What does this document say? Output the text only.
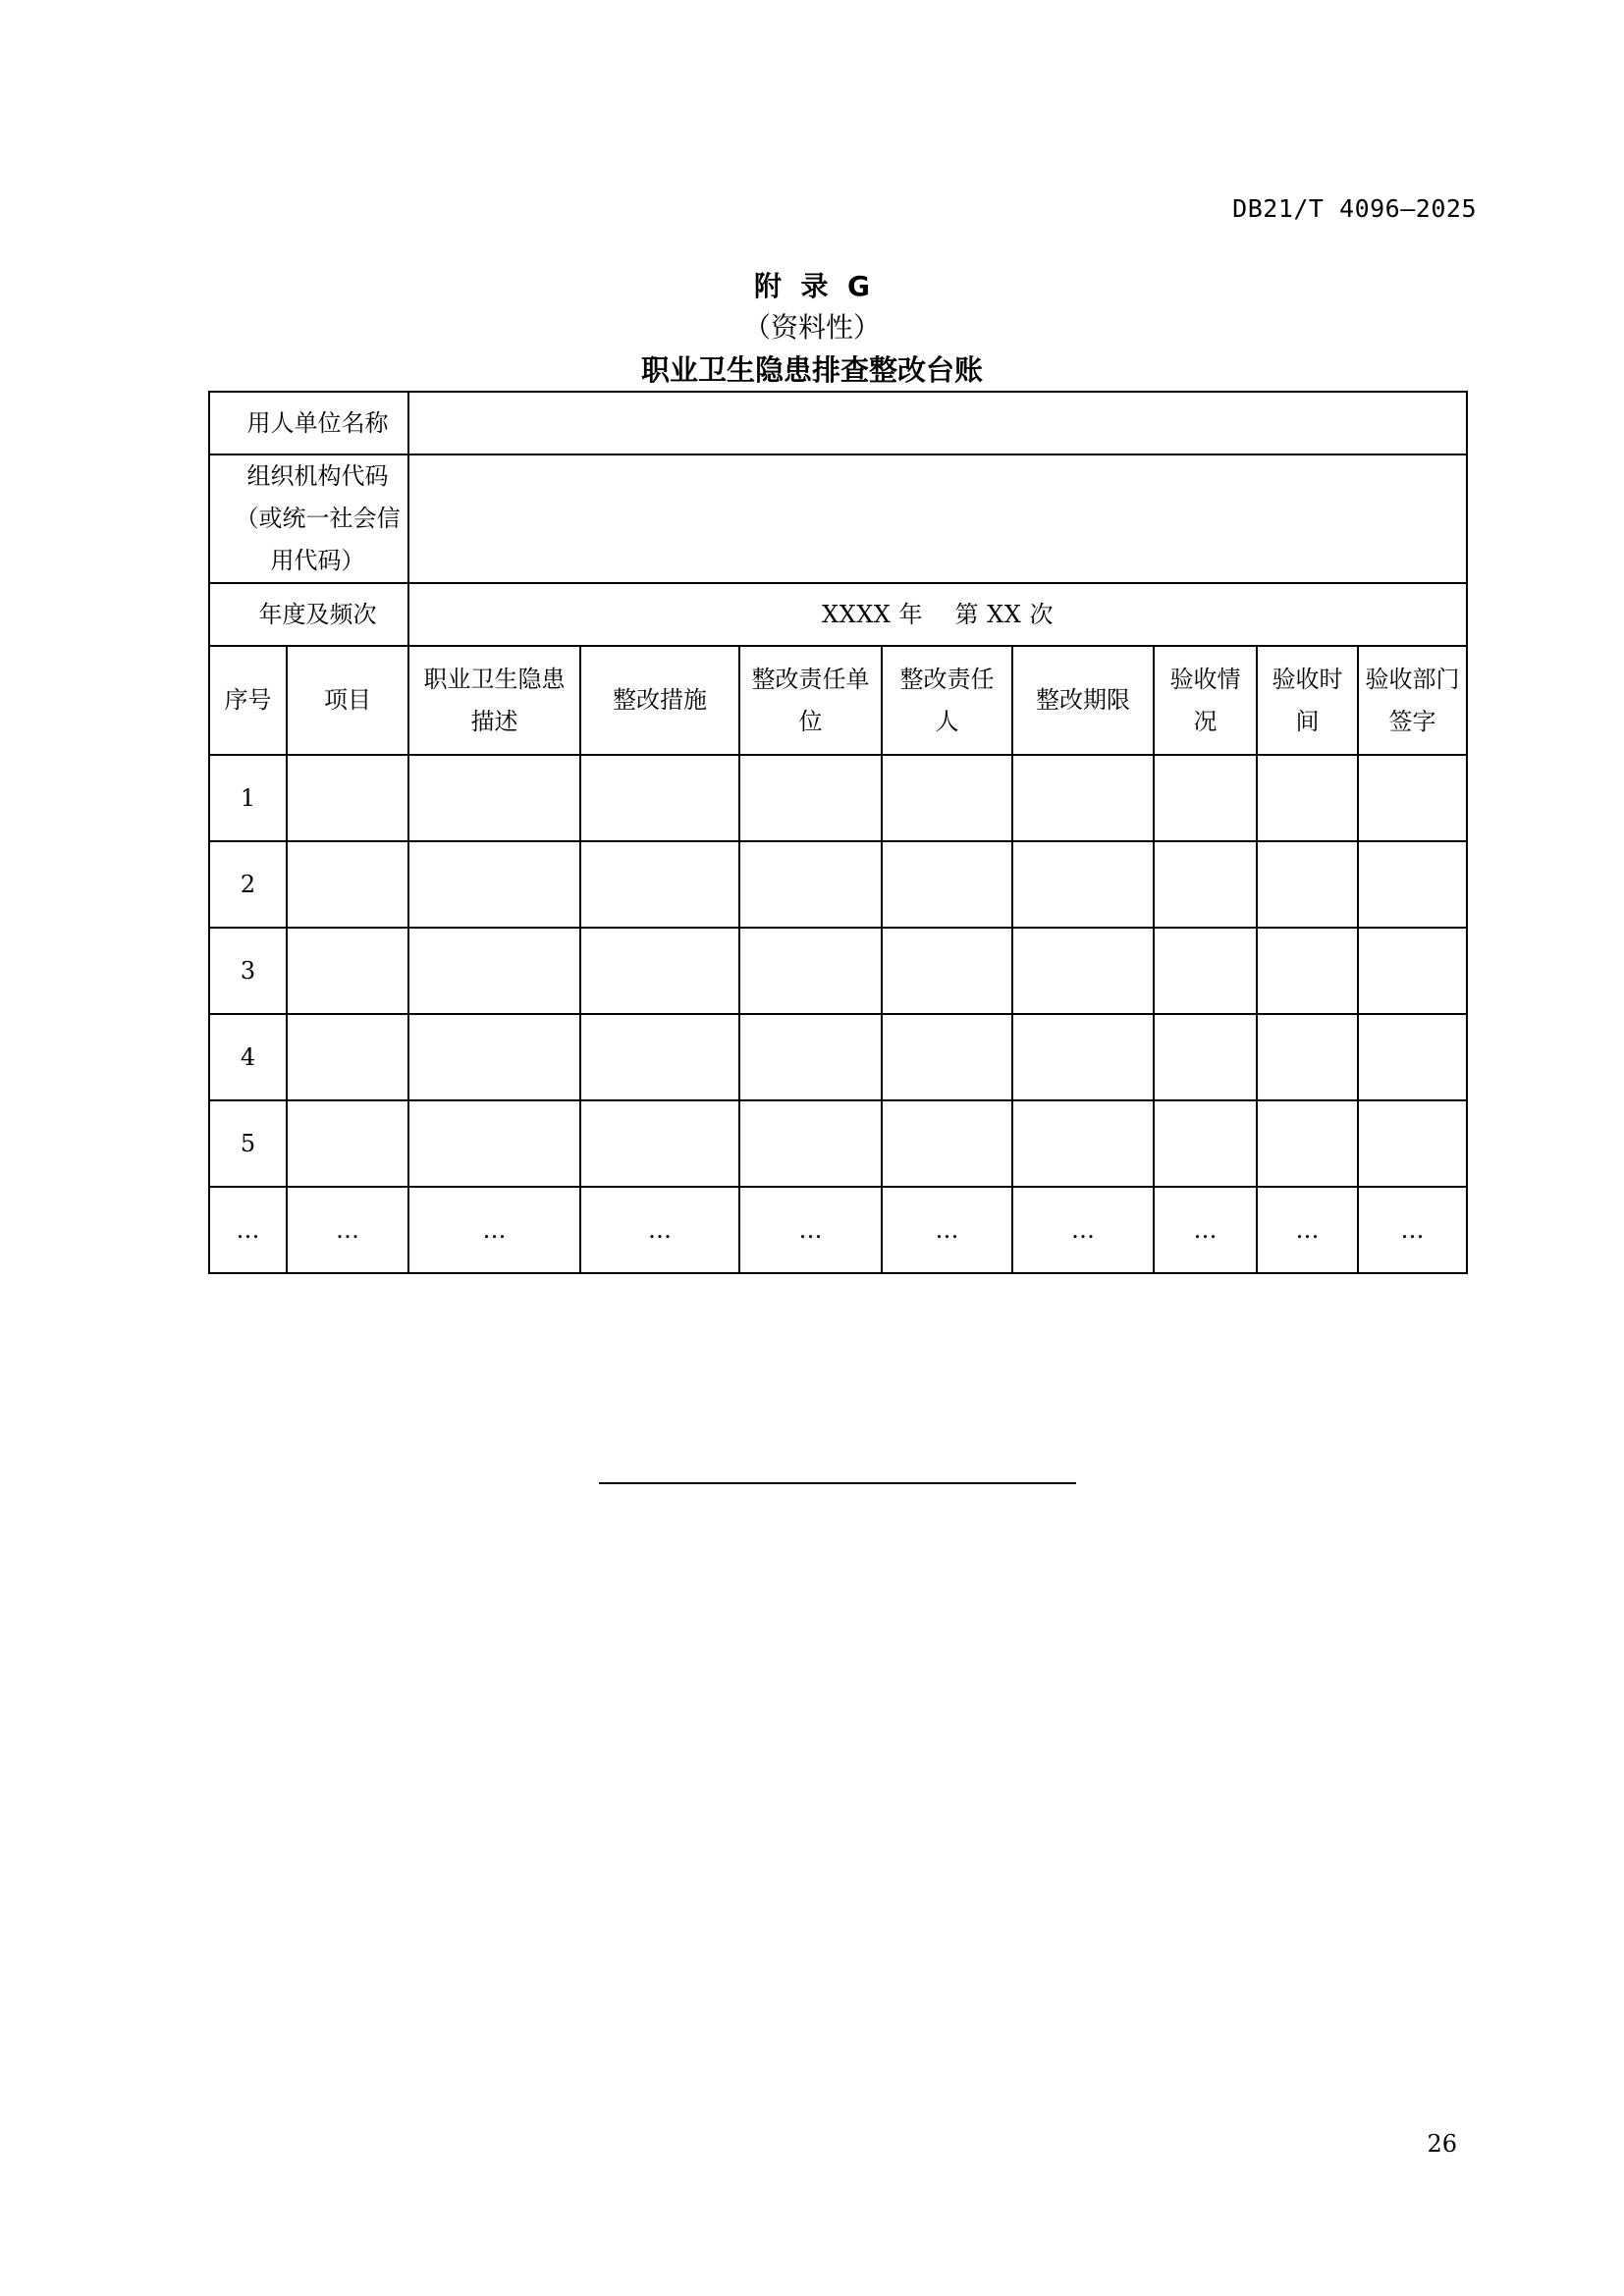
DB21/T 4096—2025
附  录  G
（资料性）
职业卫生隐患排查整改台账
用人单位名称									
组织机构代码（或统一社会信用代码）									
年度及频次		XXXX 年    第 XX 次							
序号	项目	职业卫生隐患描述	整改措施	整改责任单位	整改责任人	整改期限	验收情况	验收时间	验收部门签字
1									
2									
3									
4									
5									
…	…	…	…	…	…	…	…	…	…
26
